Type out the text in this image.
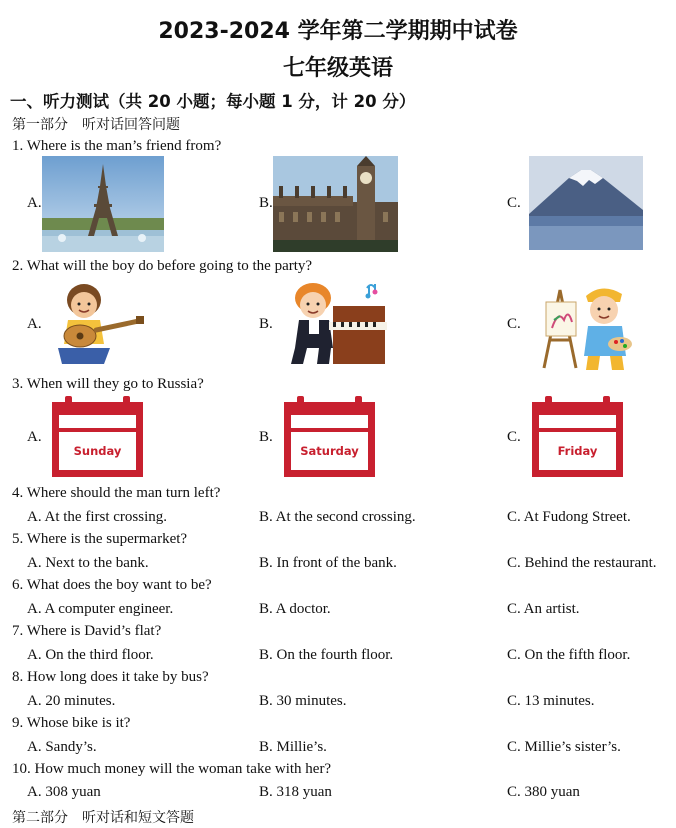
2023-2024 学年第二学期期中试卷
七年级英语
一、听力测试（共 20 小题；每小题 1 分，计 20 分）
第一部分　听对话回答问题
1. Where is the man’s friend from?
A.	B.	C.
2. What will the boy do before going to the party?
A.	B.	C.
3. When will they go to Russia?
A.	B.	C.
Sunday	Saturday	Friday
4. Where should the man turn left?
A. At the first crossing.	B. At the second crossing.	C. At Fudong Street.
5. Where is the supermarket?
A. Next to the bank.	B. In front of the bank.	C. Behind the restaurant.
6. What does the boy want to be?
A. A computer engineer.	B. A doctor.	C. An artist.
7. Where is David’s flat?
A. On the third floor.	B. On the fourth floor.	C. On the fifth floor.
8. How long does it take by bus?
A. 20 minutes.	B. 30 minutes.	C. 13 minutes.
9. Whose bike is it?
A. Sandy’s.	B. Millie’s.	C. Millie’s sister’s.
10. How much money will the woman take with her?
A. 308 yuan	B. 318 yuan	C. 380 yuan
第二部分　听对话和短文答题
